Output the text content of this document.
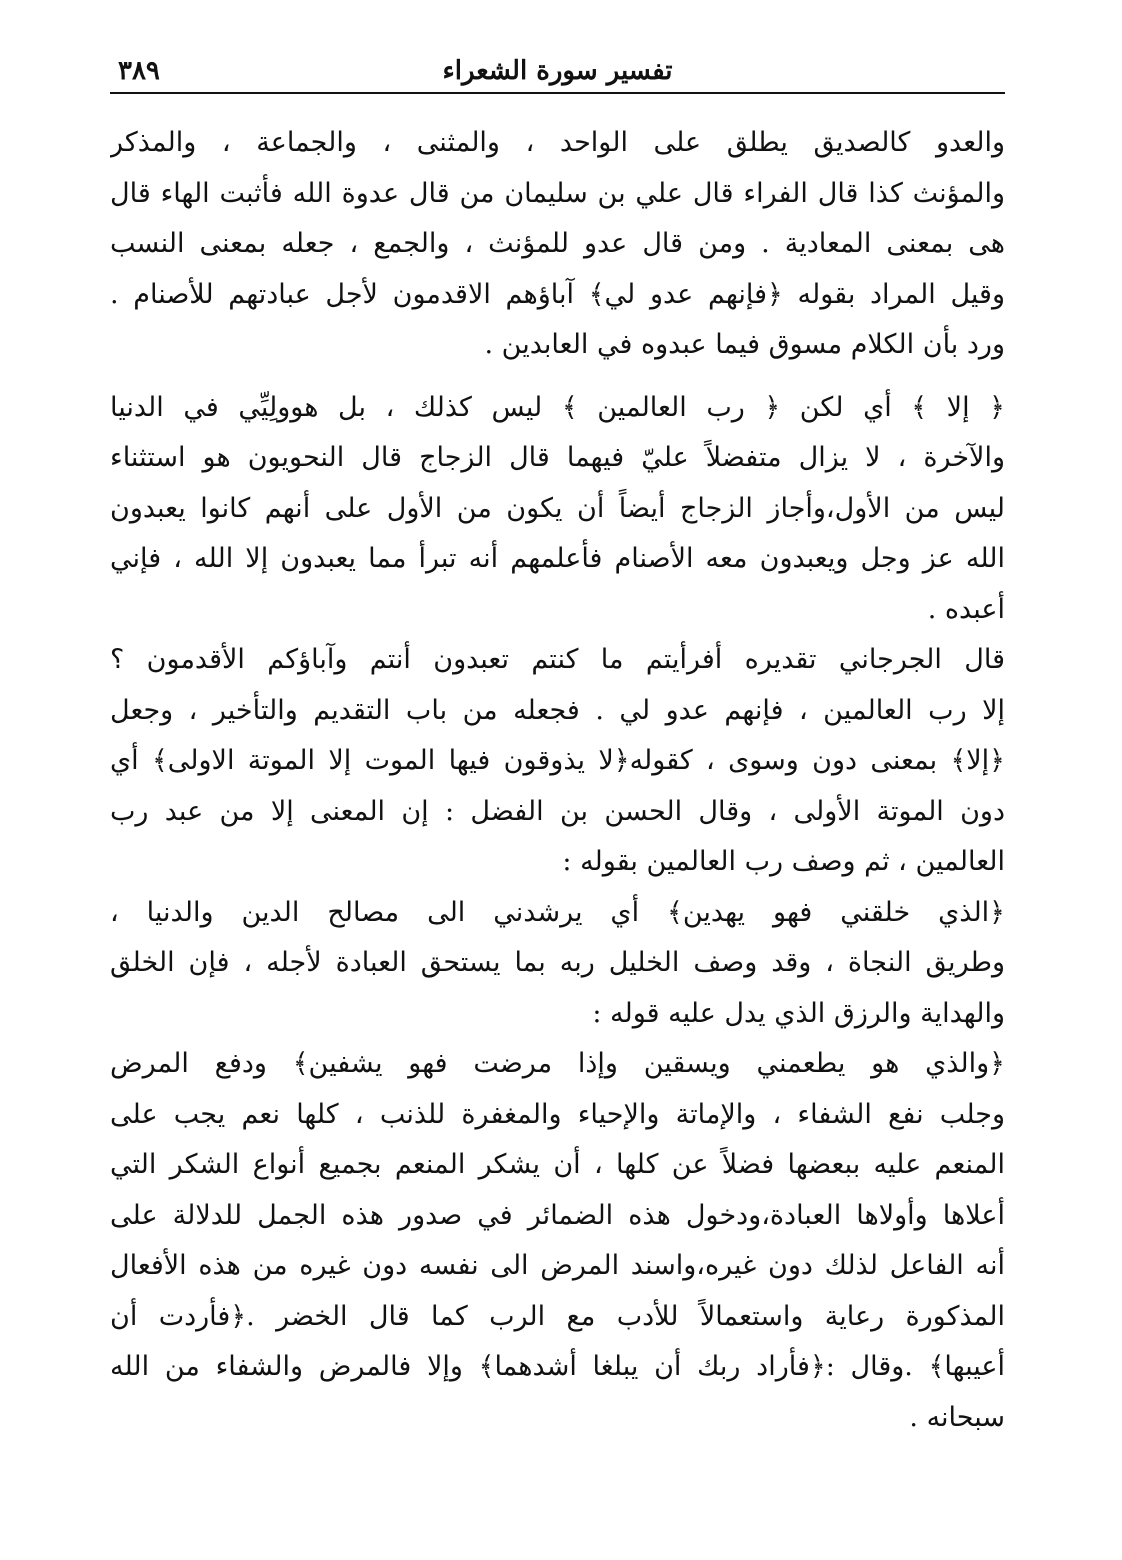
تفسير سورة الشعراء
٣٨٩

والعدو كالصديق يطلق على الواحد ، والمثنى ، والجماعة ، والمذكر
والمؤنث كذا قال الفراء قال علي بن سليمان من قال عدوة الله فأثبت الهاء قال
هى بمعنى المعادية . ومن قال عدو للمؤنث ، والجمع ، جعله بمعنى النسب
وقيل المراد بقوله ﴿فإنهم عدو لي﴾ آباؤهم الاقدمون لأجل عبادتهم للأصنام .
ورد بأن الكلام مسوق فيما عبدوه في العابدين .

﴿ إلا ﴾ أي لكن ﴿ رب العالمين ﴾ ليس كذلك ، بل هوولِيِّي في الدنيا
والآخرة ، لا يزال متفضلاً عليّ فيهما قال الزجاج قال النحويون هو استثناء
ليس من الأول،وأجاز الزجاج أيضاً أن يكون من الأول على أنهم كانوا يعبدون
الله عز وجل ويعبدون معه الأصنام فأعلمهم أنه تبرأ مما يعبدون إلا الله ، فإني
أعبده .

قال الجرجاني تقديره أفرأيتم ما كنتم تعبدون أنتم وآباؤكم الأقدمون ؟
إلا رب العالمين ، فإنهم عدو لي . فجعله من باب التقديم والتأخير ، وجعل
﴿إلا﴾ بمعنى دون وسوى ، كقوله﴿لا يذوقون فيها الموت إلا الموتة الاولى﴾ أي
دون الموتة الأولى ، وقال الحسن بن الفضل : إن المعنى إلا من عبد رب
العالمين ، ثم وصف رب العالمين بقوله :

﴿الذي خلقني فهو يهدين﴾ أي يرشدني الى مصالح الدين والدنيا ،
وطريق النجاة ، وقد وصف الخليل ربه بما يستحق العبادة لأجله ، فإن الخلق
والهداية والرزق الذي يدل عليه قوله :

﴿والذي هو يطعمني ويسقين وإذا مرضت فهو يشفين﴾ ودفع المرض
وجلب نفع الشفاء ، والإماتة والإحياء والمغفرة للذنب ، كلها نعم يجب على
المنعم عليه ببعضها فضلاً عن كلها ، أن يشكر المنعم بجميع أنواع الشكر التي
أعلاها وأولاها العبادة،ودخول هذه الضمائر في صدور هذه الجمل للدلالة على
أنه الفاعل لذلك دون غيره،واسند المرض الى نفسه دون غيره من هذه الأفعال
المذكورة رعاية واستعمالاً للأدب مع الرب كما قال الخضر .﴿فأردت أن
أعيبها﴾ .وقال :﴿فأراد ربك أن يبلغا أشدهما﴾ وإلا فالمرض والشفاء من الله
سبحانه .
